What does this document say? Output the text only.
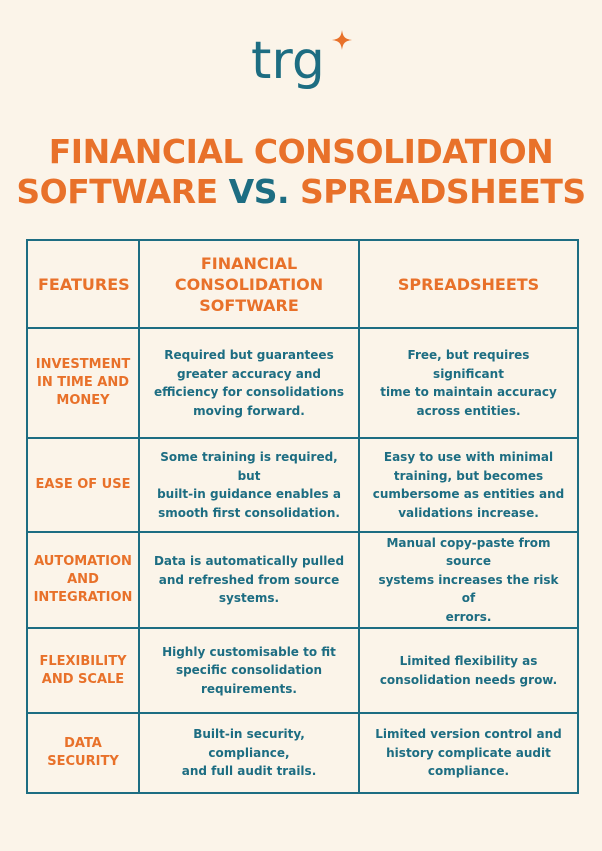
trg
FINANCIAL CONSOLIDATION
SOFTWARE VS. SPREADSHEETS
FEATURES	FINANCIAL
CONSOLIDATION
SOFTWARE	SPREADSHEETS

INVESTMENT
IN TIME AND
MONEY	Required but guarantees
greater accuracy and
efficiency for consolidations
moving forward.	Free, but requires significant
time to maintain accuracy
across entities.

EASE OF USE	Some training is required, but
built-in guidance enables a
smooth first consolidation.	Easy to use with minimal
training, but becomes
cumbersome as entities and
validations increase.

AUTOMATION
AND
INTEGRATION	Data is automatically pulled
and refreshed from source
systems.	Manual copy-paste from source
systems increases the risk of
errors.

FLEXIBILITY
AND SCALE	Highly customisable to fit
specific consolidation
requirements.	Limited flexibility as
consolidation needs grow.

DATA
SECURITY	Built-in security, compliance,
and full audit trails.	Limited version control and
history complicate audit
compliance.
